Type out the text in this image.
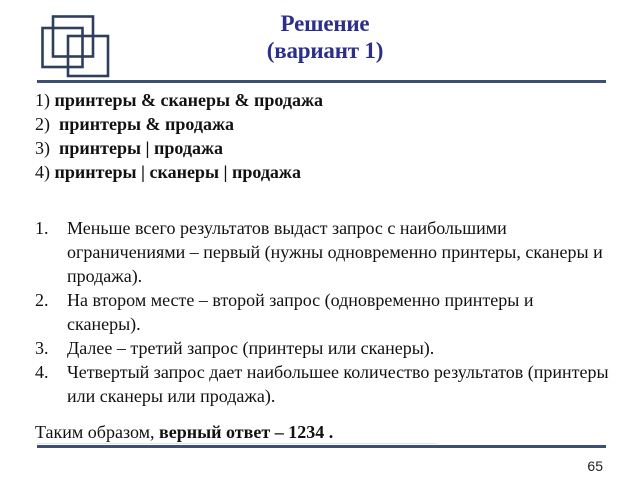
Решение
(вариант 1)
1) принтеры & сканеры & продажа
2)  принтеры & продажа
3)  принтеры | продажа
4) принтеры | сканеры | продажа
1.	Меньше всего результатов выдаст запрос с наибольшими ограничениями – первый (нужны одновременно принтеры, сканеры и продажа).
2.	На втором месте – второй запрос (одновременно принтеры и сканеры).
3.	Далее – третий запрос (принтеры или сканеры).
4.	Четвертый запрос дает наибольшее количество результатов (принтеры или сканеры или продажа).
Таким образом, верный ответ – 1234 .
65
